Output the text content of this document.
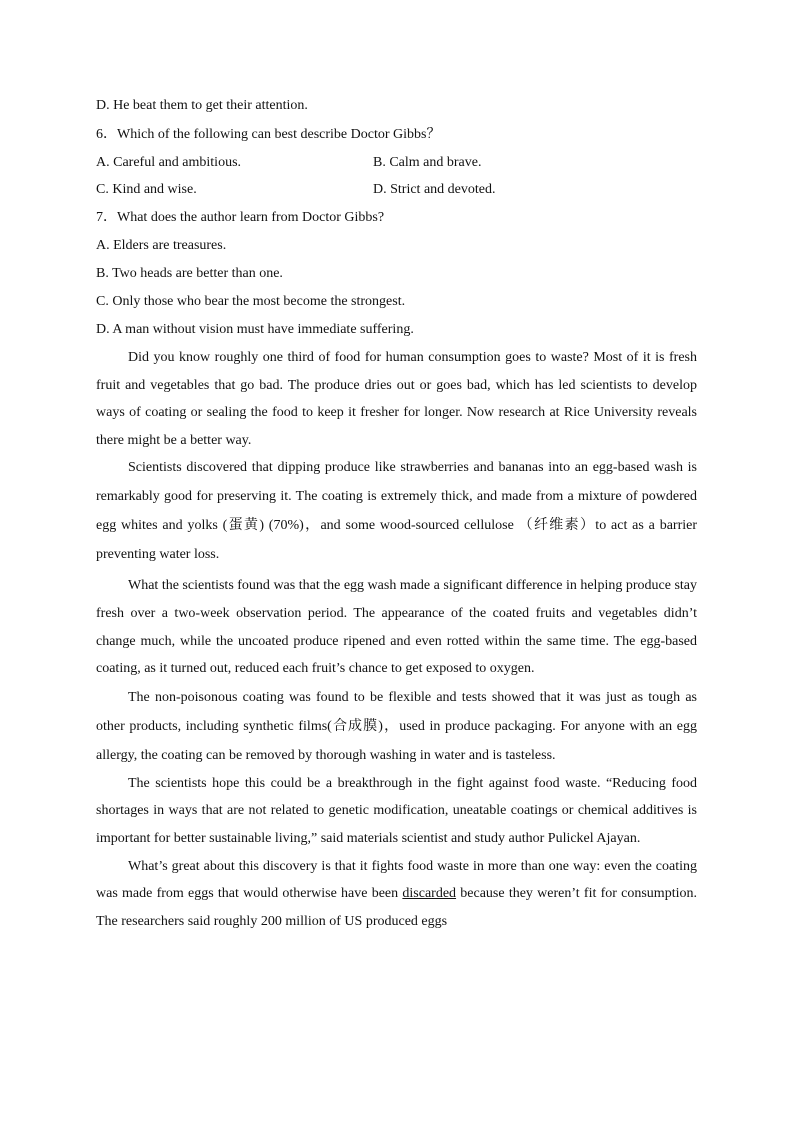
D. He beat them to get their attention.
6．Which of the following can best describe Doctor Gibbs？
A. Careful and ambitious.	B. Calm and brave.
C. Kind and wise.	D. Strict and devoted.
7．What does the author learn from Doctor Gibbs?
A. Elders are treasures.
B. Two heads are better than one.
C. Only those who bear the most become the strongest.
D. A man without vision must have immediate suffering.

Did you know roughly one third of food for human consumption goes to waste? Most of it is fresh fruit and vegetables that go bad. The produce dries out or goes bad, which has led scientists to develop ways of coating or sealing the food to keep it fresher for longer. Now research at Rice University reveals there might be a better way.

Scientists discovered that dipping produce like strawberries and bananas into an egg-based wash is remarkably good for preserving it. The coating is extremely thick, and made from a mixture of powdered egg whites and yolks (蛋黄) (70%)，and some wood-sourced cellulose （纤维素）to act as a barrier preventing water loss.

What the scientists found was that the egg wash made a significant difference in helping produce stay fresh over a two-week observation period. The appearance of the coated fruits and vegetables didn’t change much, while the uncoated produce ripened and even rotted within the same time. The egg-based coating, as it turned out, reduced each fruit’s chance to get exposed to oxygen.

The non-poisonous coating was found to be flexible and tests showed that it was just as tough as other products, including synthetic films(合成膜)，used in produce packaging. For anyone with an egg allergy, the coating can be removed by thorough washing in water and is tasteless.

The scientists hope this could be a breakthrough in the fight against food waste. “Reducing food shortages in ways that are not related to genetic modification, uneatable coatings or chemical additives is important for better sustainable living,” said materials scientist and study author Pulickel Ajayan.

What’s great about this discovery is that it fights food waste in more than one way: even the coating was made from eggs that would otherwise have been discarded because they weren’t fit for consumption. The researchers said roughly 200 million of US produced eggs
